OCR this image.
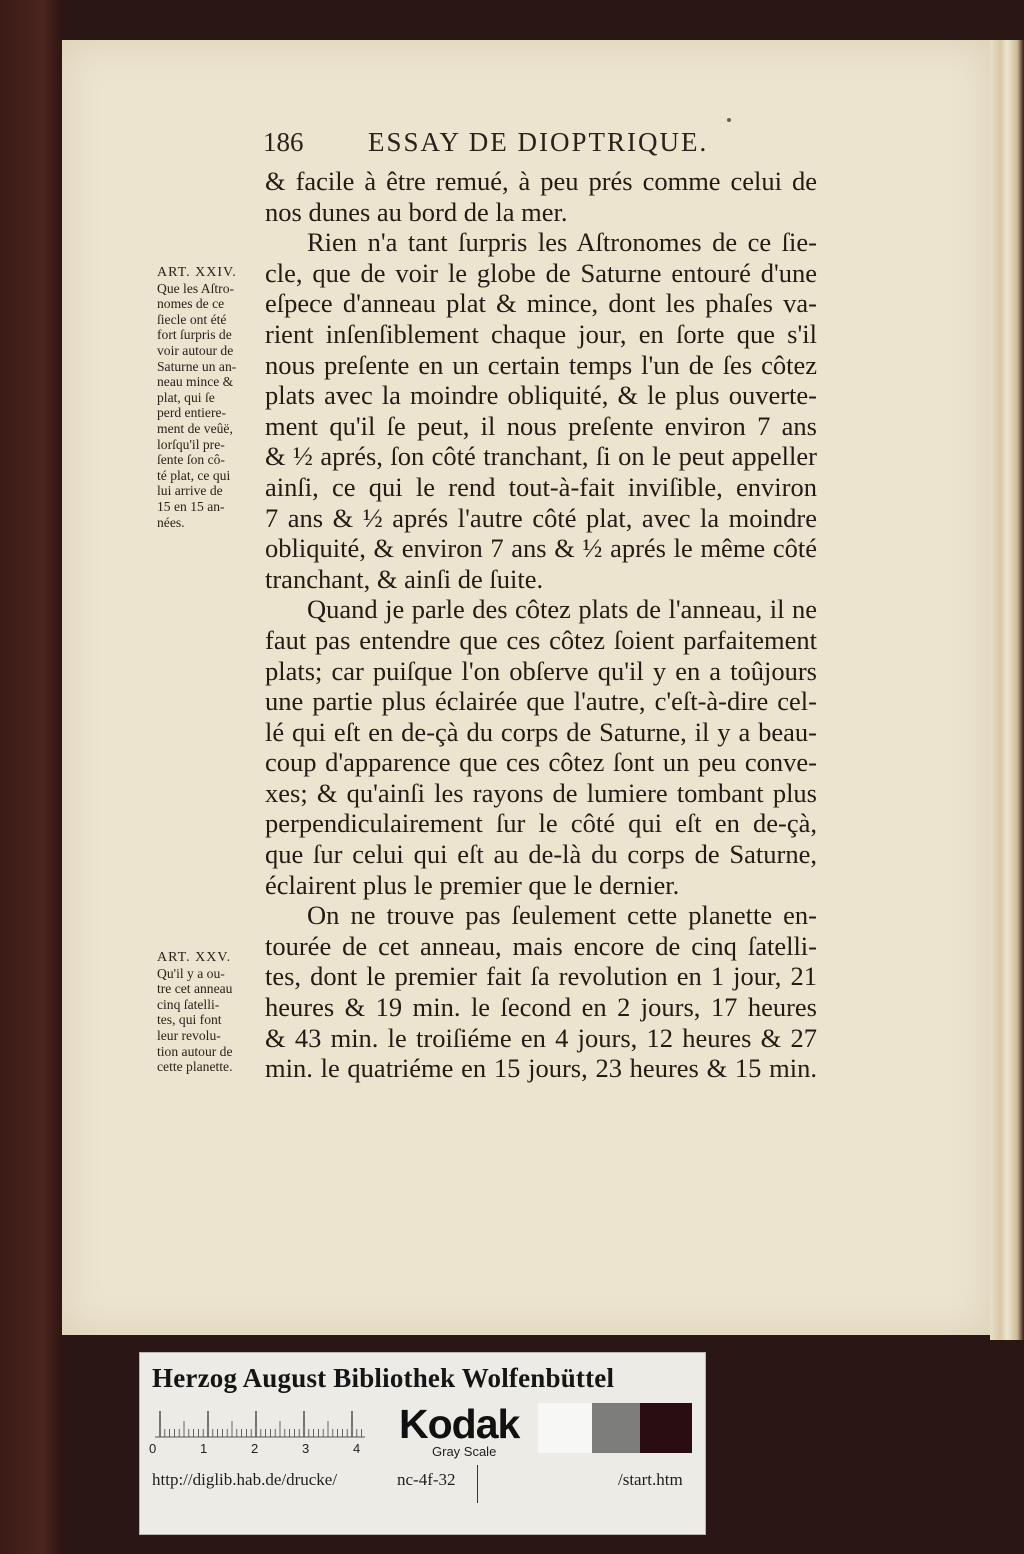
186 ESSAY DE DIOPTRIQUE.

& facile à être remué, à peu prés comme celui de

nos dunes au bord de la mer.

Rien n'a tant ſurpris les Aſtronomes de ce ſie-

cle, que de voir le globe de Saturne entouré d'une

eſpece d'anneau plat & mince, dont les phaſes va-

rient inſenſiblement chaque jour, en ſorte que s'il

nous preſente en un certain temps l'un de ſes côtez

plats avec la moindre obliquité, & le plus ouverte-

ment qu'il ſe peut, il nous preſente environ 7 ans

& ½ aprés, ſon côté tranchant, ſi on le peut appeller

ainſi, ce qui le rend tout-à-fait inviſible, environ

7 ans & ½ aprés l'autre côté plat, avec la moindre

obliquité, & environ 7 ans & ½ aprés le même côté

tranchant, & ainſi de ſuite.

Quand je parle des côtez plats de l'anneau, il ne

faut pas entendre que ces côtez ſoient parfaitement

plats; car puiſque l'on obſerve qu'il y en a toûjours

une partie plus éclairée que l'autre, c'eſt-à-dire cel-

lé qui eſt en de-çà du corps de Saturne, il y a beau-

coup d'apparence que ces côtez ſont un peu conve-

xes; & qu'ainſi les rayons de lumiere tombant plus

perpendiculairement ſur le côté qui eſt en de-çà,

que ſur celui qui eſt au de-là du corps de Saturne,

éclairent plus le premier que le dernier.

On ne trouve pas ſeulement cette planette en-

tourée de cet anneau, mais encore de cinq ſatelli-

tes, dont le premier fait ſa revolution en 1 jour, 21

heures & 19 min. le ſecond en 2 jours, 17 heures

& 43 min. le troiſiéme en 4 jours, 12 heures & 27

min. le quatriéme en 15 jours, 23 heures & 15 min.

ART. XXIV.
Que les Aſtro-
nomes de ce
ſiecle ont été
fort ſurpris de
voir autour de
Saturne un an-
neau mince &
plat, qui ſe
perd entiere-
ment de veûë,
lorſqu'il pre-
ſente ſon cô-
té plat, ce qui
lui arrive de
15 en 15 an-
nées.
ART. XXV.
Qu'il y a ou-
tre cet anneau
cinq ſatelli-
tes, qui font
leur revolu-
tion autour de
cette planette.
Herzog August Bibliothek Wolfenbüttel
0	1	2	3	4
Kodak
Gray Scale
http://diglib.hab.de/drucke/	nc-4f-32	/start.htm
